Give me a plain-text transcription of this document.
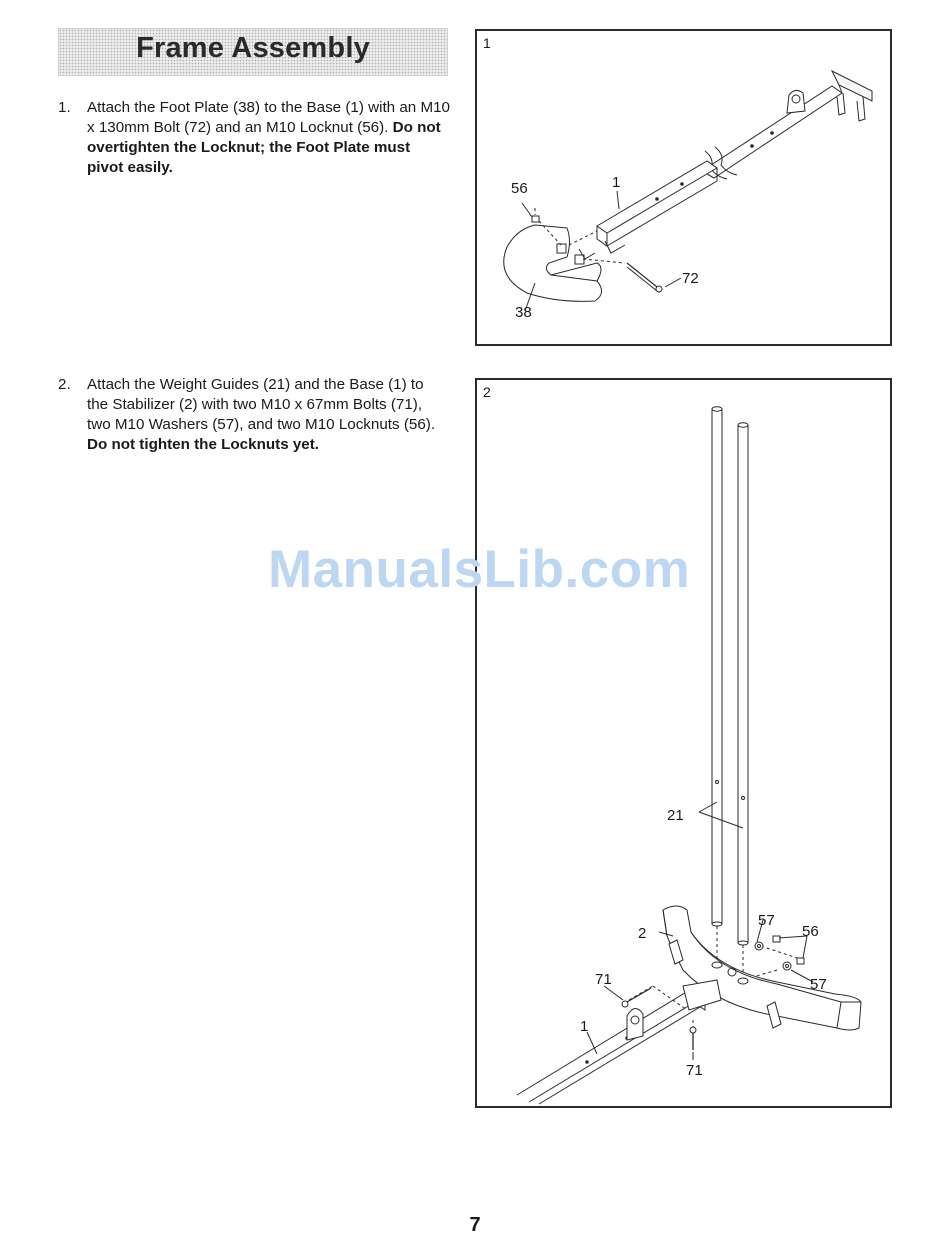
Frame Assembly
1. Attach the Foot Plate (38) to the Base (1) with an M10 x 130mm Bolt (72) and an M10 Locknut (56). Do not overtighten the Locknut; the Foot Plate must pivot easily.
2. Attach the Weight Guides (21) and the Base (1) to the Stabilizer (2) with two M10 x 67mm Bolts (71), two M10 Washers (57), and two M10 Locknuts (56). Do not tighten the Locknuts yet.
1
56	1
72
38
2
21
57
56
2
57
71
1
71
ManualsLib.com
7
